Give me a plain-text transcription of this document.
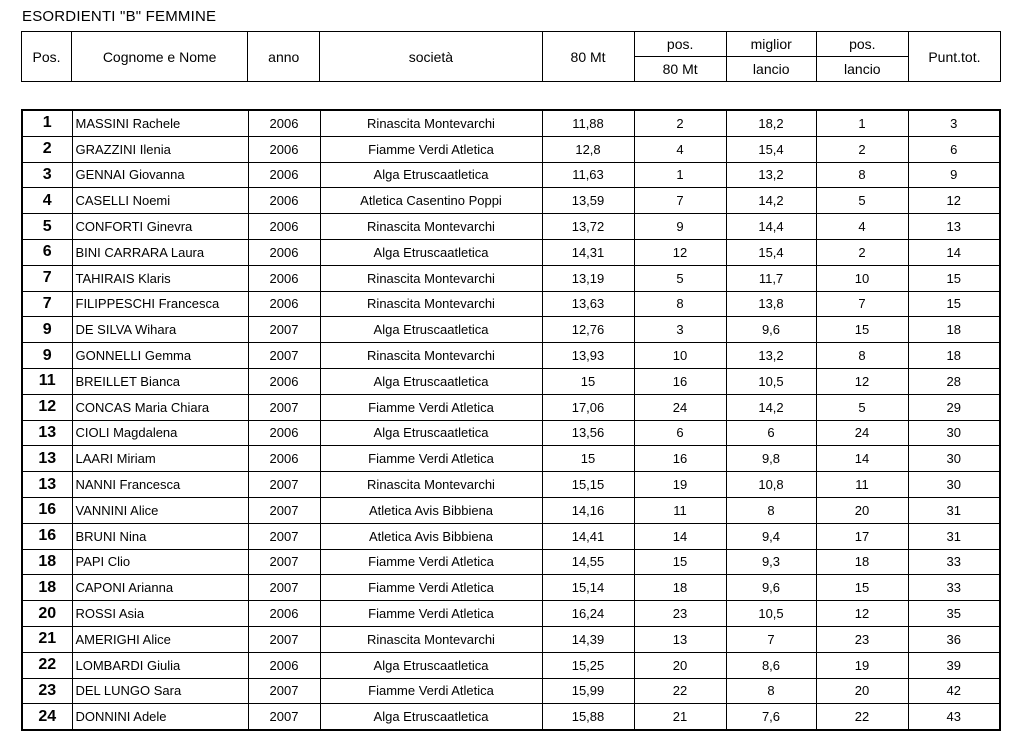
ESORDIENTI "B" FEMMINE
Pos.	Cognome e Nome	anno	società	80 Mt	pos.	miglior	pos.	Punt.tot.
					80 Mt	lancio	lancio	
1	MASSINI Rachele	2006	Rinascita Montevarchi	11,88	2	18,2	1	3
2	GRAZZINI Ilenia	2006	Fiamme Verdi Atletica	12,8	4	15,4	2	6
3	GENNAI Giovanna	2006	Alga Etruscaatletica	11,63	1	13,2	8	9
4	CASELLI Noemi	2006	Atletica Casentino Poppi	13,59	7	14,2	5	12
5	CONFORTI Ginevra	2006	Rinascita Montevarchi	13,72	9	14,4	4	13
6	BINI CARRARA Laura	2006	Alga Etruscaatletica	14,31	12	15,4	2	14
7	TAHIRAIS Klaris	2006	Rinascita Montevarchi	13,19	5	11,7	10	15
7	FILIPPESCHI Francesca	2006	Rinascita Montevarchi	13,63	8	13,8	7	15
9	DE SILVA Wihara	2007	Alga Etruscaatletica	12,76	3	9,6	15	18
9	GONNELLI Gemma	2007	Rinascita Montevarchi	13,93	10	13,2	8	18
11	BREILLET Bianca	2006	Alga Etruscaatletica	15	16	10,5	12	28
12	CONCAS Maria Chiara	2007	Fiamme Verdi Atletica	17,06	24	14,2	5	29
13	CIOLI Magdalena	2006	Alga Etruscaatletica	13,56	6	6	24	30
13	LAARI Miriam	2006	Fiamme Verdi Atletica	15	16	9,8	14	30
13	NANNI Francesca	2007	Rinascita Montevarchi	15,15	19	10,8	11	30
16	VANNINI Alice	2007	Atletica Avis Bibbiena	14,16	11	8	20	31
16	BRUNI Nina	2007	Atletica Avis Bibbiena	14,41	14	9,4	17	31
18	PAPI Clio	2007	Fiamme Verdi Atletica	14,55	15	9,3	18	33
18	CAPONI Arianna	2007	Fiamme Verdi Atletica	15,14	18	9,6	15	33
20	ROSSI Asia	2006	Fiamme Verdi Atletica	16,24	23	10,5	12	35
21	AMERIGHI Alice	2007	Rinascita Montevarchi	14,39	13	7	23	36
22	LOMBARDI Giulia	2006	Alga Etruscaatletica	15,25	20	8,6	19	39
23	DEL LUNGO Sara	2007	Fiamme Verdi Atletica	15,99	22	8	20	42
24	DONNINI Adele	2007	Alga Etruscaatletica	15,88	21	7,6	22	43
